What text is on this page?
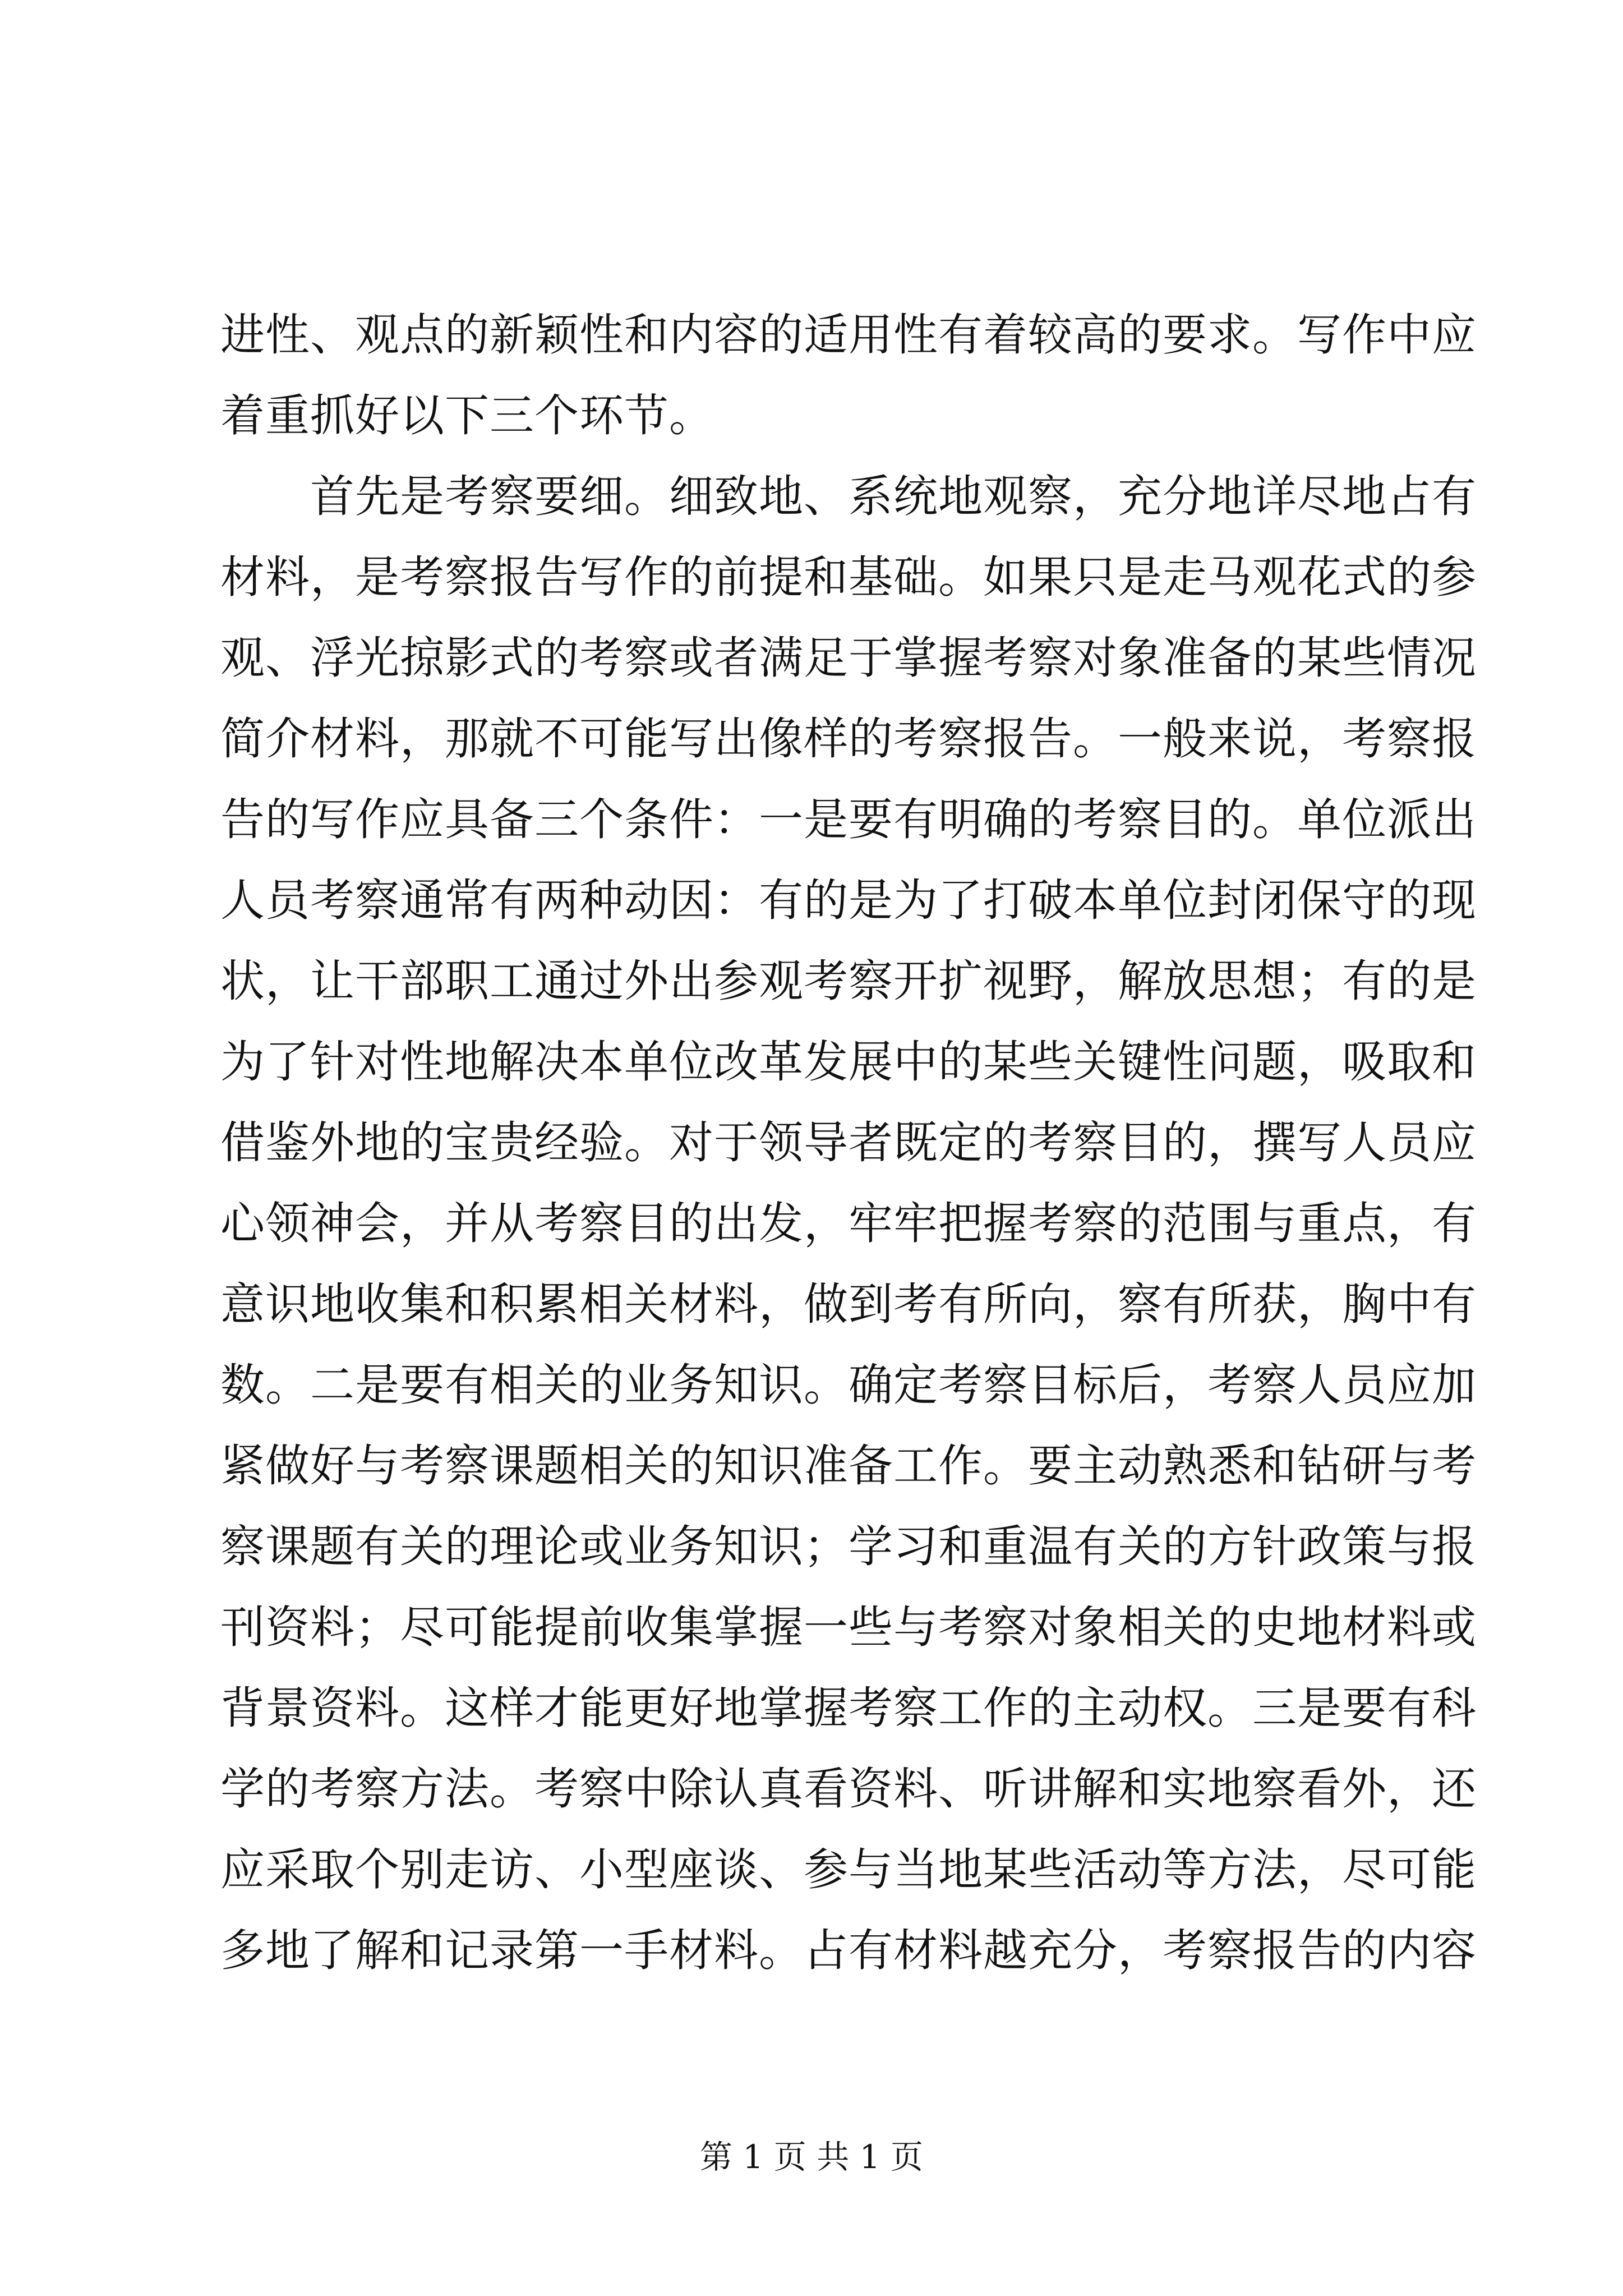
进性、观点的新颖性和内容的适用性有着较高的要求。写作中应
着重抓好以下三个环节。
　　首先是考察要细。细致地、系统地观察，充分地详尽地占有
材料，是考察报告写作的前提和基础。如果只是走马观花式的参
观、浮光掠影式的考察或者满足于掌握考察对象准备的某些情况
简介材料，那就不可能写出像样的考察报告。一般来说，考察报
告的写作应具备三个条件：一是要有明确的考察目的。单位派出
人员考察通常有两种动因：有的是为了打破本单位封闭保守的现
状，让干部职工通过外出参观考察开扩视野，解放思想；有的是
为了针对性地解决本单位改革发展中的某些关键性问题，吸取和
借鉴外地的宝贵经验。对于领导者既定的考察目的，撰写人员应
心领神会，并从考察目的出发，牢牢把握考察的范围与重点，有
意识地收集和积累相关材料，做到考有所向，察有所获，胸中有
数。二是要有相关的业务知识。确定考察目标后，考察人员应加
紧做好与考察课题相关的知识准备工作。要主动熟悉和钻研与考
察课题有关的理论或业务知识；学习和重温有关的方针政策与报
刊资料；尽可能提前收集掌握一些与考察对象相关的史地材料或
背景资料。这样才能更好地掌握考察工作的主动权。三是要有科
学的考察方法。考察中除认真看资料、听讲解和实地察看外，还
应采取个别走访、小型座谈、参与当地某些活动等方法，尽可能
多地了解和记录第一手材料。占有材料越充分，考察报告的内容
第 1 页 共 1 页
